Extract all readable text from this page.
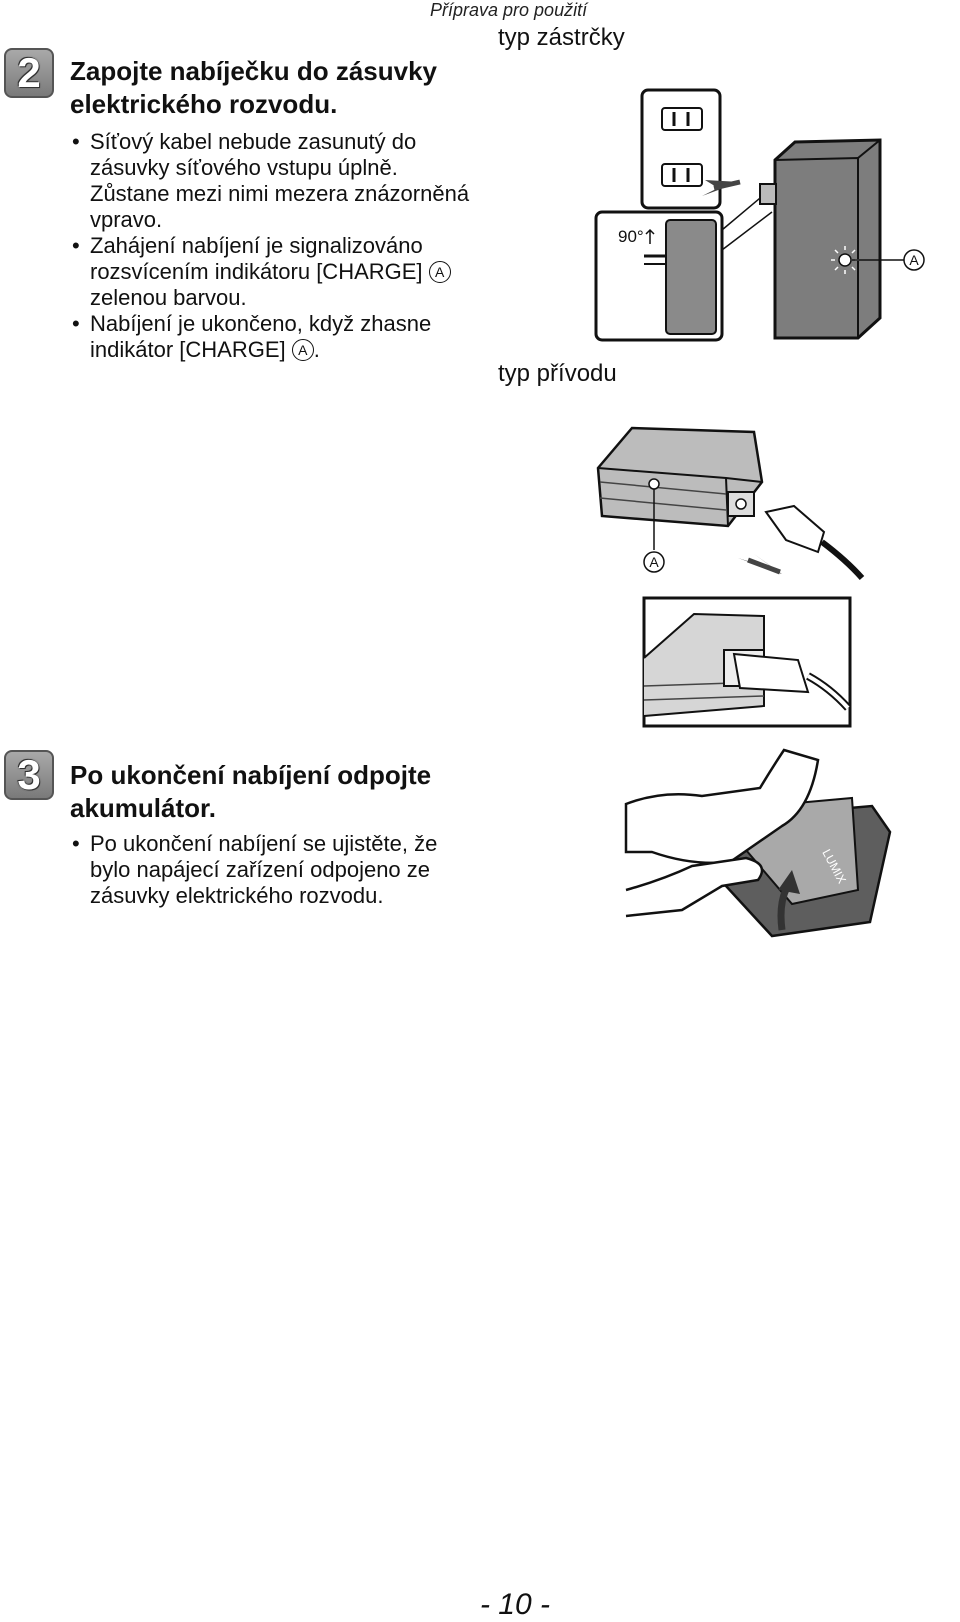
Příprava pro použití
2	Zapojte nabíječku do zásuvky
elektrického rozvodu.
• Síťový kabel nebude zasunutý do
zásuvky síťového vstupu úplně.
Zůstane mezi nimi mezera znázorněná
vpravo.
• Zahájení nabíjení je signalizováno
rozsvícením indikátoru [CHARGE] A
zelenou barvou.
• Nabíjení je ukončeno, když zhasne
indikátor [CHARGE] A .
typ zástrčky
typ přívodu
90°
A
A
3	Po ukončení nabíjení odpojte
akumulátor.
• Po ukončení nabíjení se ujistěte, že
bylo napájecí zařízení odpojeno ze
zásuvky elektrického rozvodu.
LUMIX
- 10 -
